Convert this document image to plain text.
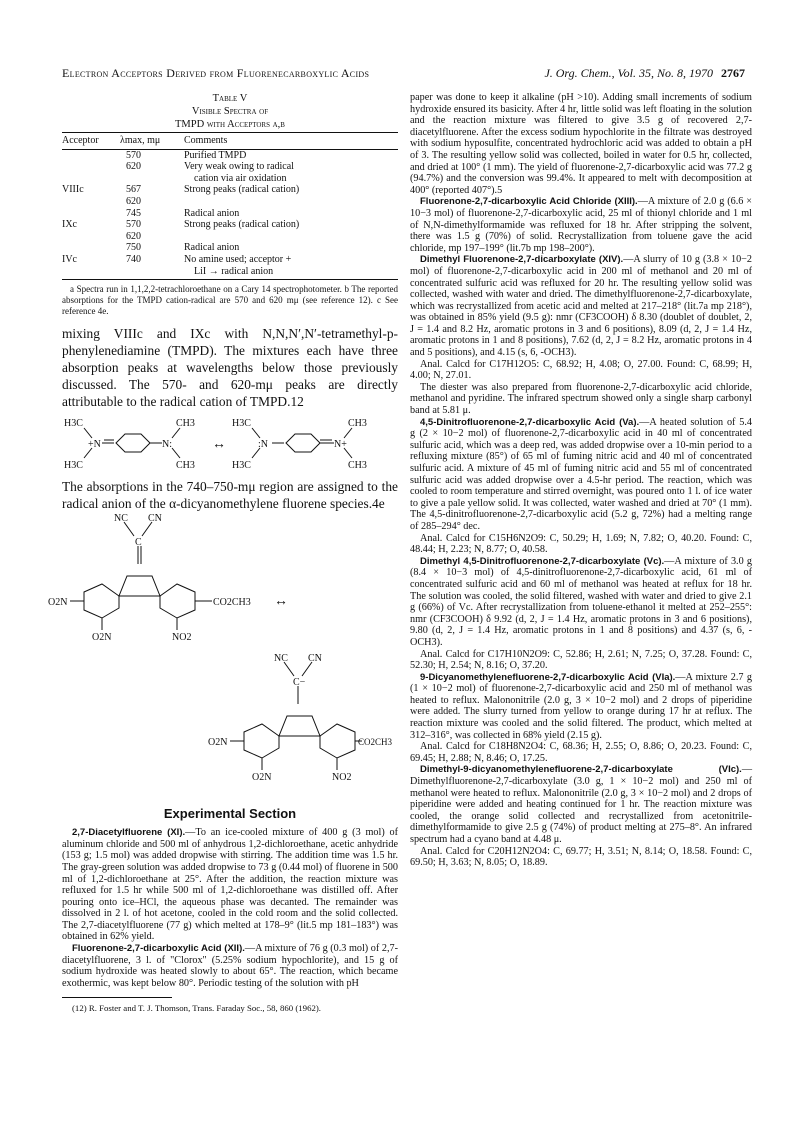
Electron Acceptors Derived from Fluorenecarboxylic Acids	J. Org. Chem., Vol. 35, No. 8, 1970 2767
Table V
Visible Spectra of
TMPD with Acceptors a,b
Acceptor	λmax, mμ	Comments
	570	Purified TMPD
	620	Very weak owing to radical
		cation via air oxidation
VIIIc	567	Strong peaks (radical cation)
	620	
	745	Radical anion
IXc	570	Strong peaks (radical cation)
	620	
	750	Radical anion
IVc	740	No amine used; acceptor +
		LiI → radical anion
a Spectra run in 1,1,2,2-tetrachloroethane on a Cary 14 spectrophotometer. b The reported absorptions for the TMPD cation-radical are 570 and 620 mμ (see reference 12). c See reference 4e.

mixing VIIIc and IXc with N,N,N′,N′-tetramethyl-p-phenylenediamine (TMPD). The mixtures each have three absorption peaks at wavelengths below those previously discussed. The 570- and 620-mμ peaks are directly attributable to the radical cation of TMPD.12

H3C	CH3
+N	N:
H3C	CH3
↔
H3C	CH3
:N	N+
H3C	CH3

The absorptions in the 740–750-mμ region are assigned to the radical anion of the α-dicyanomethylene fluorene species.4e

NC CN
C
O2N	CO2CH3 ↔
O2N	NO2
NC CN
C−
O2N	CO2CH3
O2N	NO2
Experimental Section

2,7-Diacetylfluorene (XI).—To an ice-cooled mixture of 400 g (3 mol) of aluminum chloride and 500 ml of anhydrous 1,2-dichloroethane, acetic anhydride (153 g; 1.5 mol) was added dropwise with stirring. The addition time was 1.5 hr. The gray-green solution was added dropwise to 73 g (0.44 mol) of fluorene in 500 ml of 1,2-dichloroethane at 25°. After the addition, the reaction mixture was refluxed for 1.5 hr while 500 ml of 1,2-dichloroethane was distilled off. After pouring onto ice–HCl, the aqueous phase was decanted. The remainder was dissolved in 2 l. of hot acetone, cooled in the cold room and the solid collected. The 2,7-diacetylfluorene (77 g) which melted at 178–9° (lit.5 mp 181–183°) was obtained in 62% yield.

Fluorenone-2,7-dicarboxylic Acid (XII).—A mixture of 76 g (0.3 mol) of 2,7-diacetylfluorene, 3 l. of "Clorox" (5.25% sodium hypochlorite), and 15 g of sodium hydroxide was heated slowly to about 65°. The reaction, which became exothermic, was kept below 80°. Periodic testing of the solution with pH

(12) R. Foster and T. J. Thomson, Trans. Faraday Soc., 58, 860 (1962).

paper was done to keep it alkaline (pH >10). Adding small increments of sodium hydroxide ensured its basicity. After 4 hr, little solid was left floating in the solution and the reaction mixture was filtered to give 3.5 g of recovered 2,7-diacetylfluorene. After the excess sodium hypochlorite in the filtrate was destroyed with sodium hyposulfite, concentrated hydrochloric acid was added to obtain a pH of 3. The resulting yellow solid was collected, boiled in water for 0.5 hr, collected, and dried at 100° (1 mm). The yield of fluorenone-2,7-dicarboxylic acid was 77.2 g (94.7%) and the conversion was 99.4%. It appeared to melt with decomposition at 400° (reported 407°).5

Fluorenone-2,7-dicarboxylic Acid Chloride (XIII).—A mixture of 2.0 g (6.6 × 10−3 mol) of fluorenone-2,7-dicarboxylic acid, 25 ml of thionyl chloride and 1 ml of N,N-dimethylformamide was refluxed for 18 hr. After stripping the solvent, there was 1.5 g (70%) of solid. Recrystallization from toluene gave the acid chloride, mp 197–199° (lit.7b mp 198–200°).

Dimethyl Fluorenone-2,7-dicarboxylate (XIV).—A slurry of 10 g (3.8 × 10−2 mol) of fluorenone-2,7-dicarboxylic acid in 200 ml of methanol and 20 ml of concentrated sulfuric acid was refluxed for 20 hr. The resulting yellow solid was collected, washed with water and dried. The dimethylfluorenone-2,7-dicarboxylate, which was recrystallized from acetic acid and melted at 217–218° (lit.7a mp 218°), was obtained in 85% yield (9.5 g): nmr (CF3COOH) δ 8.30 (doublet of doublet, 2, J = 1.4 and 8.2 Hz, aromatic protons in 3 and 6 positions), 8.09 (d, 2, J = 1.4 Hz, aromatic protons in 1 and 8 positions), 7.62 (d, 2, J = 8.2 Hz, aromatic protons in 4 and 5 positions), and 4.15 (s, 6, -OCH3).

Anal. Calcd for C17H12O5: C, 68.92; H, 4.08; O, 27.00. Found: C, 68.99; H, 4.00; N, 27.01.

The diester was also prepared from fluorenone-2,7-dicarboxylic acid chloride, methanol and pyridine. The infrared spectrum showed only a single sharp carbonyl band at 5.81 μ.

4,5-Dinitrofluorenone-2,7-dicarboxylic Acid (Va).—A heated solution of 5.4 g (2 × 10−2 mol) of fluorenone-2,7-dicarboxylic acid in 40 ml of concentrated sulfuric acid, which was a deep red, was added dropwise over a 10-min period to a refluxing mixture (85°) of 65 ml of fuming nitric acid and 40 ml of concentrated sulfuric acid. A mixture of 45 ml of fuming nitric acid and 55 ml of concentrated sulfuric acid was added dropwise over a 4.5-hr period. The reaction, which was cooled to room temperature and stirred overnight, was poured onto 1 l. of ice water to give a pale yellow solid. It was collected, water washed and dried at 70° (1 mm). The 4,5-dinitrofluorenone-2,7-dicarboxylic acid (5.2 g, 72%) had a melting range of 285–294° dec.

Anal. Calcd for C15H6N2O9: C, 50.29; H, 1.69; N, 7.82; O, 40.20. Found: C, 48.44; H, 2.23; N, 8.77; O, 40.58.

Dimethyl 4,5-Dinitrofluorenone-2,7-dicarboxylate (Vc).—A mixture of 3.0 g (8.4 × 10−3 mol) of 4,5-dinitrofluorenone-2,7-dicarboxylic acid, 61 ml of concentrated sulfuric acid and 60 ml of methanol was heated at reflux for 18 hr. The solution was cooled, the solid filtered, washed with water and dried to give 2.1 g (66%) of Vc. After recrystallization from toluene-ethanol it melted at 252–255°: nmr (CF3COOH) δ 9.92 (d, 2, J = 1.4 Hz, aromatic protons in 3 and 6 positions), 9.80 (d, 2, J = 1.4 Hz, aromatic protons in 1 and 8 positions) and 4.37 (s, 6, -OCH3).

Anal. Calcd for C17H10N2O9: C, 52.86; H, 2.61; N, 7.25; O, 37.28. Found: C, 52.30; H, 2.54; N, 8.16; O, 37.20.

9-Dicyanomethylenefluorene-2,7-dicarboxylic Acid (VIa).—A mixture 2.7 g (1 × 10−2 mol) of fluorenone-2,7-dicarboxylic acid and 250 ml of methanol was heated to reflux. Malononitrile (2.0 g, 3 × 10−2 mol) and 2 drops of piperidine were added. The slurry turned from yellow to orange during 17 hr at reflux. The reaction mixture was cooled and the solid filtered. The product, which melted at 312–316°, was collected in 68% yield (2.15 g).

Anal. Calcd for C18H8N2O4: C, 68.36; H, 2.55; O, 8.86; O, 20.23. Found: C, 69.45; H, 2.88; N, 8.46; O, 17.25.

Dimethyl-9-dicyanomethylenefluorene-2,7-dicarboxylate (VIc).—Dimethylfluorenone-2,7-dicarboxylate (3.0 g, 1 × 10−2 mol) and 250 ml of methanol were heated to reflux. Malononitrile (2.0 g, 3 × 10−2 mol) and 2 drops of piperidine were added and heating continued for 1 hr. The reaction mixture was cooled, the orange solid collected and recrystallized from acetonitrile-dimethylformamide to give 2.5 g (74%) of product melting at 275–8°. An infrared spectrum had a cyano band at 4.48 μ.

Anal. Calcd for C20H12N2O4: C, 69.77; H, 3.51; N, 8.14; O, 18.58. Found: C, 69.50; H, 3.63; N, 8.05; O, 18.89.
